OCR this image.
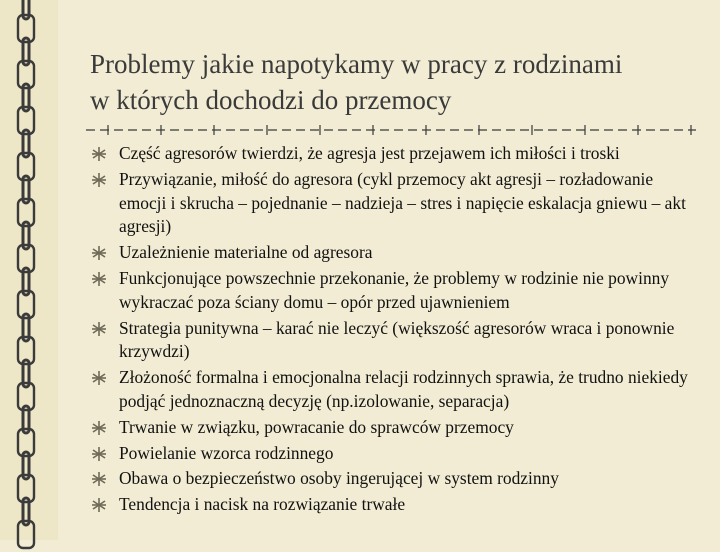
Problemy jakie napotykamy w pracy z rodzinami
w których dochodzi do przemocy
Część agresorów twierdzi, że agresja jest przejawem ich miłości i troski
Przywiązanie, miłość do agresora (cykl przemocy akt agresji – rozładowanie emocji i skrucha – pojednanie – nadzieja – stres i napięcie eskalacja gniewu – akt agresji)
Uzależnienie materialne od agresora
Funkcjonujące powszechnie przekonanie, że problemy w rodzinie nie powinny wykraczać poza ściany domu – opór przed ujawnieniem
Strategia punitywna – karać nie leczyć (większość agresorów wraca i ponownie krzywdzi)
Złożoność formalna i emocjonalna relacji rodzinnych sprawia, że trudno niekiedy podjąć jednoznaczną decyzję (np.izolowanie, separacja)
Trwanie w związku, powracanie do sprawców przemocy
Powielanie wzorca rodzinnego
Obawa o bezpieczeństwo osoby ingerującej w system rodzinny
Tendencja i nacisk na rozwiązanie trwałe
